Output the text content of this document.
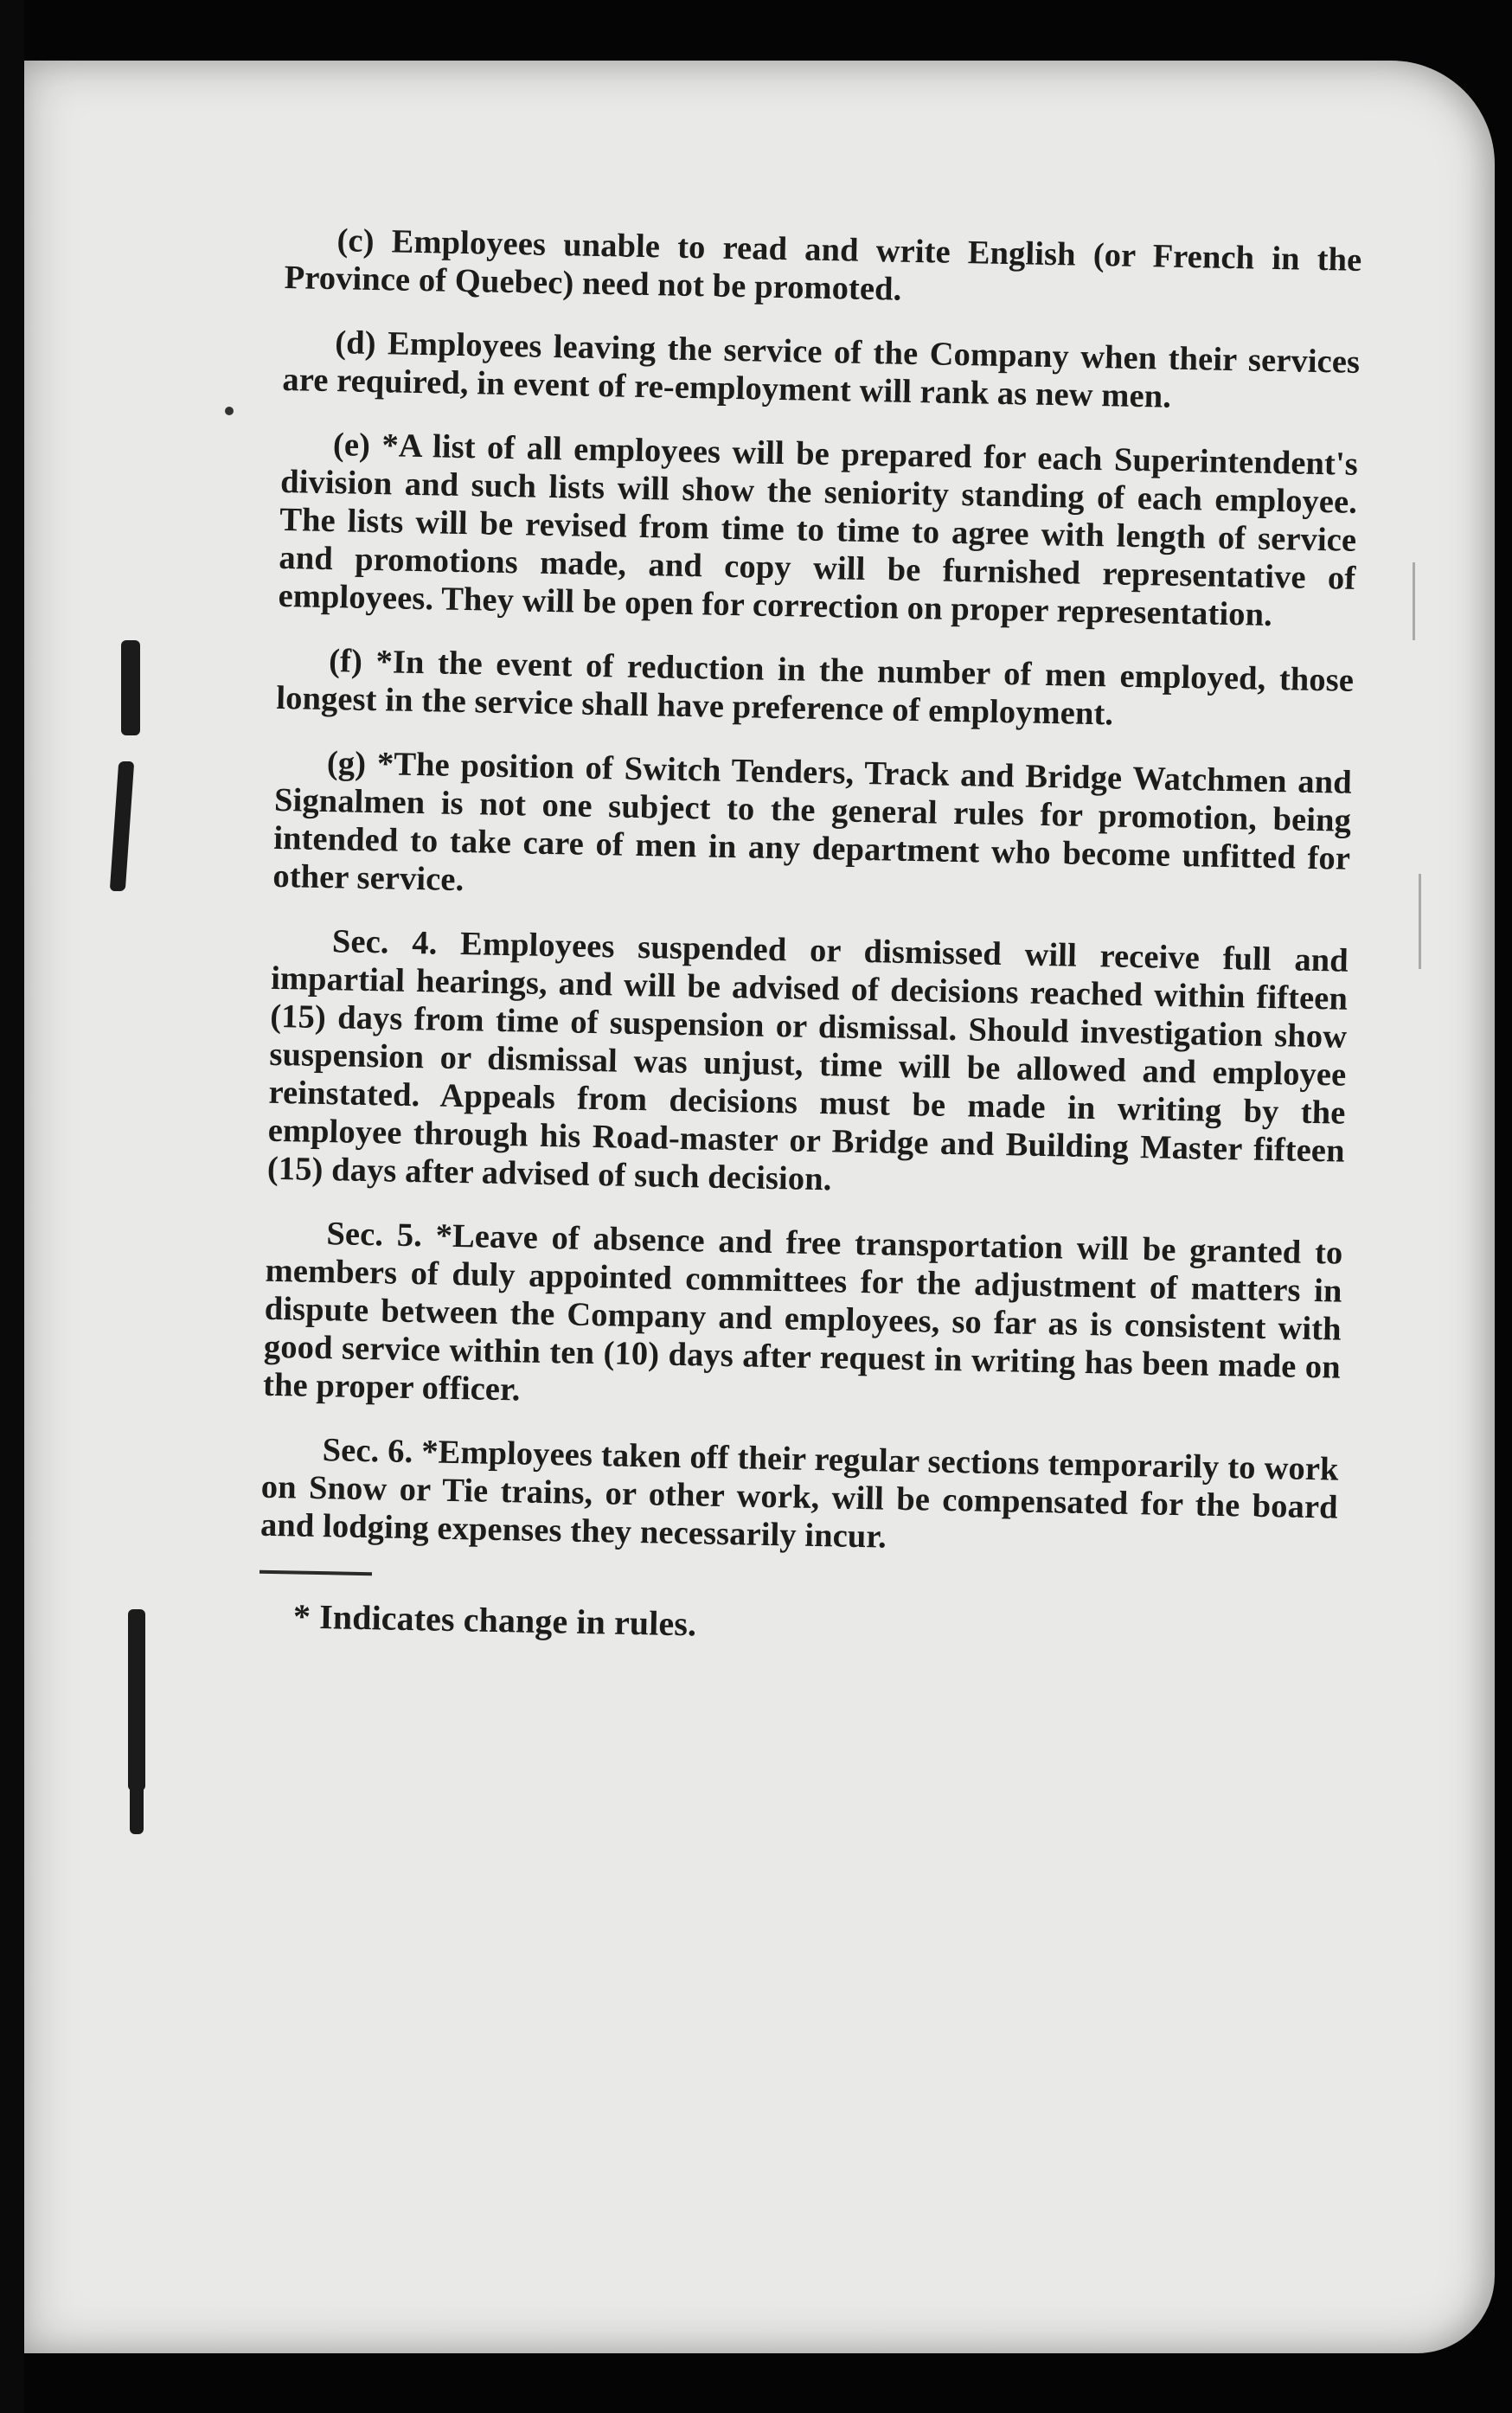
(c) Employees unable to read and write English (or French in the Province of Quebec) need not be promoted.

(d) Employees leaving the service of the Company when their services are required, in event of re-employment will rank as new men.

(e) *A list of all employees will be prepared for each Superintendent's division and such lists will show the seniority standing of each employee. The lists will be revised from time to time to agree with length of service and promotions made, and copy will be furnished representative of employees. They will be open for correction on proper representation.

(f) *In the event of reduction in the number of men employed, those longest in the service shall have preference of employment.

(g) *The position of Switch Tenders, Track and Bridge Watchmen and Signalmen is not one subject to the general rules for promotion, being intended to take care of men in any department who become unfitted for other service.

Sec. 4. Employees suspended or dismissed will receive full and impartial hearings, and will be advised of decisions reached within fifteen (15) days from time of suspension or dismissal. Should investigation show suspension or dismissal was unjust, time will be allowed and employee reinstated. Appeals from decisions must be made in writing by the employee through his Road-master or Bridge and Building Master fifteen (15) days after advised of such decision.

Sec. 5. *Leave of absence and free transportation will be granted to members of duly appointed committees for the adjustment of matters in dispute between the Company and employees, so far as is consistent with good service within ten (10) days after request in writing has been made on the proper officer.

Sec. 6. *Employees taken off their regular sections temporarily to work on Snow or Tie trains, or other work, will be compensated for the board and lodging expenses they necessarily incur.

* Indicates change in rules.
